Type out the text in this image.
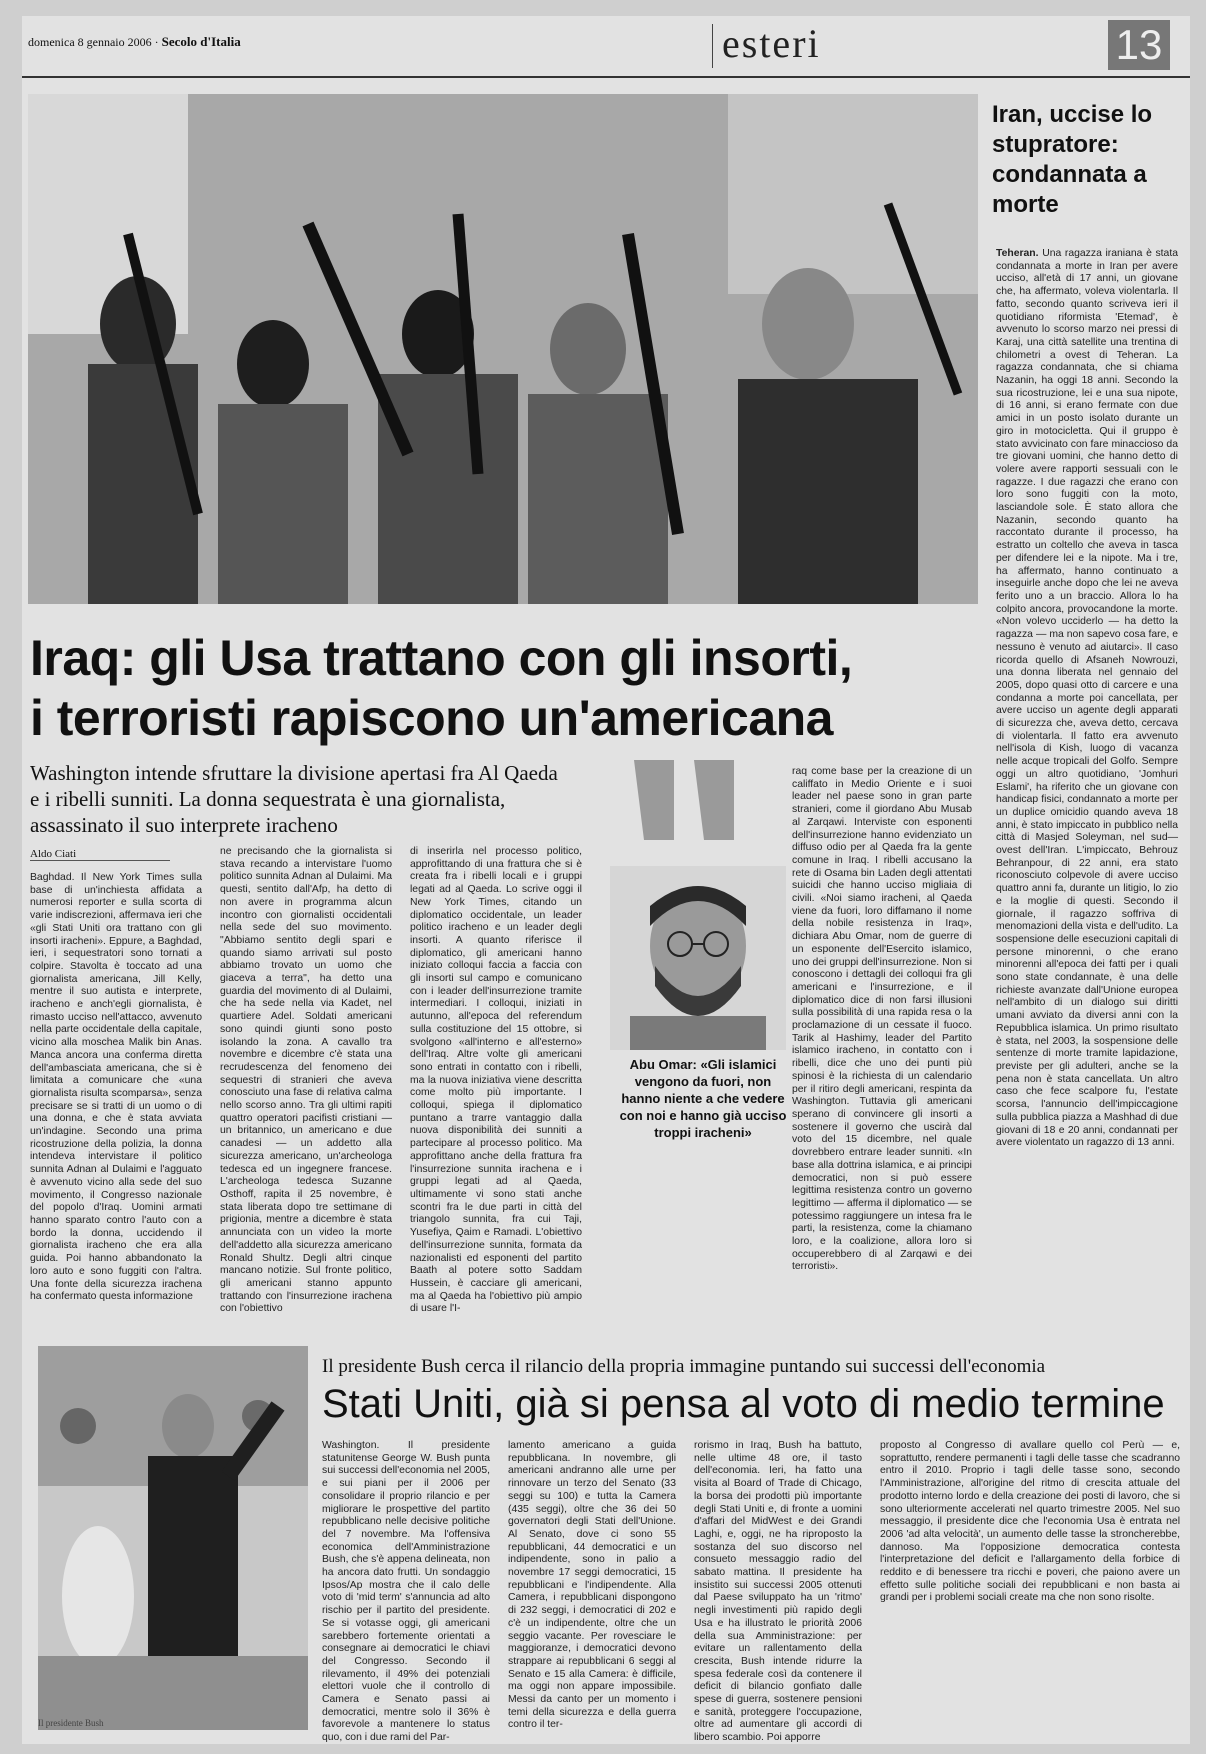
domenica 8 gennaio 2006 · Secolo d'Italia	esteri	13
Iran, uccise lo stupratore: condannata a morte
Teheran. Una ragazza iraniana è stata condannata a morte in Iran per avere ucciso, all'età di 17 anni, un giovane che, ha affermato, voleva violentarla. Il fatto, secondo quanto scriveva ieri il quotidiano riformista 'Etemad', è avvenuto lo scorso marzo nei pressi di Karaj, una città satellite una trentina di chilometri a ovest di Teheran. La ragazza condannata, che si chiama Nazanin, ha oggi 18 anni. Secondo la sua ricostruzione, lei e una sua nipote, di 16 anni, si erano fermate con due amici in un posto isolato durante un giro in motocicletta. Qui il gruppo è stato avvicinato con fare minaccioso da tre giovani uomini, che hanno detto di volere avere rapporti sessuali con le ragazze. I due ragazzi che erano con loro sono fuggiti con la moto, lasciandole sole. È stato allora che Nazanin, secondo quanto ha raccontato durante il processo, ha estratto un coltello che aveva in tasca per difendere lei e la nipote. Ma i tre, ha affermato, hanno continuato a inseguirle anche dopo che lei ne aveva ferito uno a un braccio. Allora lo ha colpito ancora, provocandone la morte. «Non volevo ucciderlo — ha detto la ragazza — ma non sapevo cosa fare, e nessuno è venuto ad aiutarci». Il caso ricorda quello di Afsaneh Nowrouzi, una donna liberata nel gennaio del 2005, dopo quasi otto di carcere e una condanna a morte poi cancellata, per avere ucciso un agente degli apparati di sicurezza che, aveva detto, cercava di violentarla. Il fatto era avvenuto nell'isola di Kish, luogo di vacanza nelle acque tropicali del Golfo. Sempre oggi un altro quotidiano, 'Jomhuri Eslami', ha riferito che un giovane con handicap fisici, condannato a morte per un duplice omicidio quando aveva 18 anni, è stato impiccato in pubblico nella città di Masjed Soleyman, nel sud—ovest dell'Iran. L'impiccato, Behrouz Behranpour, di 22 anni, era stato riconosciuto colpevole di avere ucciso quattro anni fa, durante un litigio, lo zio e la moglie di questi. Secondo il giornale, il ragazzo soffriva di menomazioni della vista e dell'udito. La sospensione delle esecuzioni capitali di persone minorenni, o che erano minorenni all'epoca dei fatti per i quali sono state condannate, è una delle richieste avanzate dall'Unione europea nell'ambito di un dialogo sui diritti umani avviato da diversi anni con la Repubblica islamica. Un primo risultato è stata, nel 2003, la sospensione delle sentenze di morte tramite lapidazione, previste per gli adulteri, anche se la pena non è stata cancellata. Un altro caso che fece scalpore fu, l'estate scorsa, l'annuncio dell'impiccagione sulla pubblica piazza a Mashhad di due giovani di 18 e 20 anni, condannati per avere violentato un ragazzo di 13 anni.
Iraq: gli Usa trattano con gli insorti,
i terroristi rapiscono un'americana
Washington intende sfruttare la divisione apertasi fra Al Qaeda e i ribelli sunniti. La donna sequestrata è una giornalista, assassinato il suo interprete iracheno
Aldo Ciati
Baghdad. Il New York Times sulla base di un'inchiesta affidata a numerosi reporter e sulla scorta di varie indiscrezioni, affermava ieri che «gli Stati Uniti ora trattano con gli insorti iracheni». Eppure, a Baghdad, ieri, i sequestratori sono tornati a colpire. Stavolta è toccato ad una giornalista americana, Jill Kelly, mentre il suo autista e interprete, iracheno e anch'egli giornalista, è rimasto ucciso nell'attacco, avvenuto nella parte occidentale della capitale, vicino alla moschea Malik bin Anas. Manca ancora una conferma diretta dell'ambasciata americana, che si è limitata a comunicare che «una giornalista risulta scomparsa», senza precisare se si tratti di un uomo o di una donna, e che è stata avviata un'indagine. Secondo una prima ricostruzione della polizia, la donna intendeva intervistare il politico sunnita Adnan al Dulaimi e l'agguato è avvenuto vicino alla sede del suo movimento, il Congresso nazionale del popolo d'Iraq. Uomini armati hanno sparato contro l'auto con a bordo la donna, uccidendo il giornalista iracheno che era alla guida. Poi hanno abbandonato la loro auto e sono fuggiti con l'altra. Una fonte della sicurezza irachena ha confermato questa informazione
ne precisando che la giornalista si stava recando a intervistare l'uomo politico sunnita Adnan al Dulaimi. Ma questi, sentito dall'Afp, ha detto di non avere in programma alcun incontro con giornalisti occidentali nella sede del suo movimento. "Abbiamo sentito degli spari e quando siamo arrivati sul posto abbiamo trovato un uomo che giaceva a terra", ha detto una guardia del movimento di al Dulaimi, che ha sede nella via Kadet, nel quartiere Adel. Soldati americani sono quindi giunti sono posto isolando la zona. A cavallo tra novembre e dicembre c'è stata una recrudescenza del fenomeno dei sequestri di stranieri che aveva conosciuto una fase di relativa calma nello scorso anno. Tra gli ultimi rapiti quattro operatori pacifisti cristiani — un britannico, un americano e due canadesi — un addetto alla sicurezza americano, un'archeologa tedesca ed un ingegnere francese. L'archeologa tedesca Suzanne Osthoff, rapita il 25 novembre, è stata liberata dopo tre settimane di prigionia, mentre a dicembre è stata annunciata con un video la morte dell'addetto alla sicurezza americano Ronald Shultz. Degli altri cinque mancano notizie. Sul fronte politico, gli americani stanno appunto trattando con l'insurrezione irachena con l'obiettivo
di inserirla nel processo politico, approfittando di una frattura che si è creata fra i ribelli locali e i gruppi legati ad al Qaeda. Lo scrive oggi il New York Times, citando un diplomatico occidentale, un leader politico iracheno e un leader degli insorti. A quanto riferisce il diplomatico, gli americani hanno iniziato colloqui faccia a faccia con gli insorti sul campo e comunicano con i leader dell'insurrezione tramite intermediari. I colloqui, iniziati in autunno, all'epoca del referendum sulla costituzione del 15 ottobre, si svolgono «all'interno e all'esterno» dell'Iraq. Altre volte gli americani sono entrati in contatto con i ribelli, ma la nuova iniziativa viene descritta come molto più importante. I colloqui, spiega il diplomatico puntano a trarre vantaggio dalla nuova disponibilità dei sunniti a partecipare al processo politico. Ma approfittano anche della frattura fra l'insurrezione sunnita irachena e i gruppi legati ad al Qaeda, ultimamente vi sono stati anche scontri fra le due parti in città del triangolo sunnita, fra cui Taji, Yusefiya, Qaim e Ramadi. L'obiettivo dell'insurrezione sunnita, formata da nazionalisti ed esponenti del partito Baath al potere sotto Saddam Hussein, è cacciare gli americani, ma al Qaeda ha l'obiettivo più ampio di usare l'I-
raq come base per la creazione di un califfato in Medio Oriente e i suoi leader nel paese sono in gran parte stranieri, come il giordano Abu Musab al Zarqawi. Interviste con esponenti dell'insurrezione hanno evidenziato un diffuso odio per al Qaeda fra la gente comune in Iraq. I ribelli accusano la rete di Osama bin Laden degli attentati suicidi che hanno ucciso migliaia di civili. «Noi siamo iracheni, al Qaeda viene da fuori, loro diffamano il nome della nobile resistenza in Iraq», dichiara Abu Omar, nom de guerre di un esponente dell'Esercito islamico, uno dei gruppi dell'insurrezione. Non si conoscono i dettagli dei colloqui fra gli americani e l'insurrezione, e il diplomatico dice di non farsi illusioni sulla possibilità di una rapida resa o la proclamazione di un cessate il fuoco. Tarik al Hashimy, leader del Partito islamico iracheno, in contatto con i ribelli, dice che uno dei punti più spinosi è la richiesta di un calendario per il ritiro degli americani, respinta da Washington. Tuttavia gli americani sperano di convincere gli insorti a sostenere il governo che uscirà dal voto del 15 dicembre, nel quale dovrebbero entrare leader sunniti. «In base alla dottrina islamica, e ai principi democratici, non si può essere legittima resistenza contro un governo legittimo — afferma il diplomatico — se potessimo raggiungere un intesa fra le parti, la resistenza, come la chiamano loro, e la coalizione, allora loro si occuperebbero di al Zarqawi e dei terroristi».
Abu Omar: «Gli islamici vengono da fuori, non hanno niente a che vedere con noi e hanno già ucciso troppi iracheni»
Il presidente Bush
Il presidente Bush cerca il rilancio della propria immagine puntando sui successi dell'economia
Stati Uniti, già si pensa al voto di medio termine
Washington. Il presidente statunitense George W. Bush punta sui successi dell'economia nel 2005, e sui piani per il 2006 per consolidare il proprio rilancio e per migliorare le prospettive del partito repubblicano nelle decisive politiche del 7 novembre. Ma l'offensiva economica dell'Amministrazione Bush, che s'è appena delineata, non ha ancora dato frutti. Un sondaggio Ipsos/Ap mostra che il calo delle voto di 'mid term' s'annuncia ad alto rischio per il partito del presidente. Se si votasse oggi, gli americani sarebbero fortemente orientati a consegnare ai democratici le chiavi del Congresso. Secondo il rilevamento, il 49% dei potenziali elettori vuole che il controllo di Camera e Senato passi ai democratici, mentre solo il 36% è favorevole a mantenere lo status quo, con i due rami del Par-
lamento americano a guida repubblicana. In novembre, gli americani andranno alle urne per rinnovare un terzo del Senato (33 seggi su 100) e tutta la Camera (435 seggi), oltre che 36 dei 50 governatori degli Stati dell'Unione. Al Senato, dove ci sono 55 repubblicani, 44 democratici e un indipendente, sono in palio a novembre 17 seggi democratici, 15 repubblicani e l'indipendente. Alla Camera, i repubblicani dispongono di 232 seggi, i democratici di 202 e c'è un indipendente, oltre che un seggio vacante. Per rovesciare le maggioranze, i democratici devono strappare ai repubblicani 6 seggi al Senato e 15 alla Camera: è difficile, ma oggi non appare impossibile. Messi da canto per un momento i temi della sicurezza e della guerra contro il ter-
rorismo in Iraq, Bush ha battuto, nelle ultime 48 ore, il tasto dell'economia. Ieri, ha fatto una visita al Board of Trade di Chicago, la borsa dei prodotti più importante degli Stati Uniti e, di fronte a uomini d'affari del MidWest e dei Grandi Laghi, e, oggi, ne ha riproposto la sostanza del suo discorso nel consueto messaggio radio del sabato mattina. Il presidente ha insistito sui successi 2005 ottenuti dal Paese sviluppato ha un 'ritmo' negli investimenti più rapido degli Usa e ha illustrato le priorità 2006 della sua Amministrazione: per evitare un rallentamento della crescita, Bush intende ridurre la spesa federale così da contenere il deficit di bilancio gonfiato dalle spese di guerra, sostenere pensioni e sanità, proteggere l'occupazione, oltre ad aumentare gli accordi di libero scambio. Poi apporre
proposto al Congresso di avallare quello col Perù — e, soprattutto, rendere permanenti i tagli delle tasse che scadranno entro il 2010. Proprio i tagli delle tasse sono, secondo l'Amministrazione, all'origine del ritmo di crescita attuale del prodotto interno lordo e della creazione dei posti di lavoro, che si sono ulteriormente accelerati nel quarto trimestre 2005. Nel suo messaggio, il presidente dice che l'economia Usa è entrata nel 2006 'ad alta velocità', un aumento delle tasse la stroncherebbe, dannoso. Ma l'opposizione democratica contesta l'interpretazione del deficit e l'allargamento della forbice di reddito e di benessere tra ricchi e poveri, che paiono avere un effetto sulle politiche sociali dei repubblicani e non basta ai grandi per i problemi sociali create ma che non sono risolte.
